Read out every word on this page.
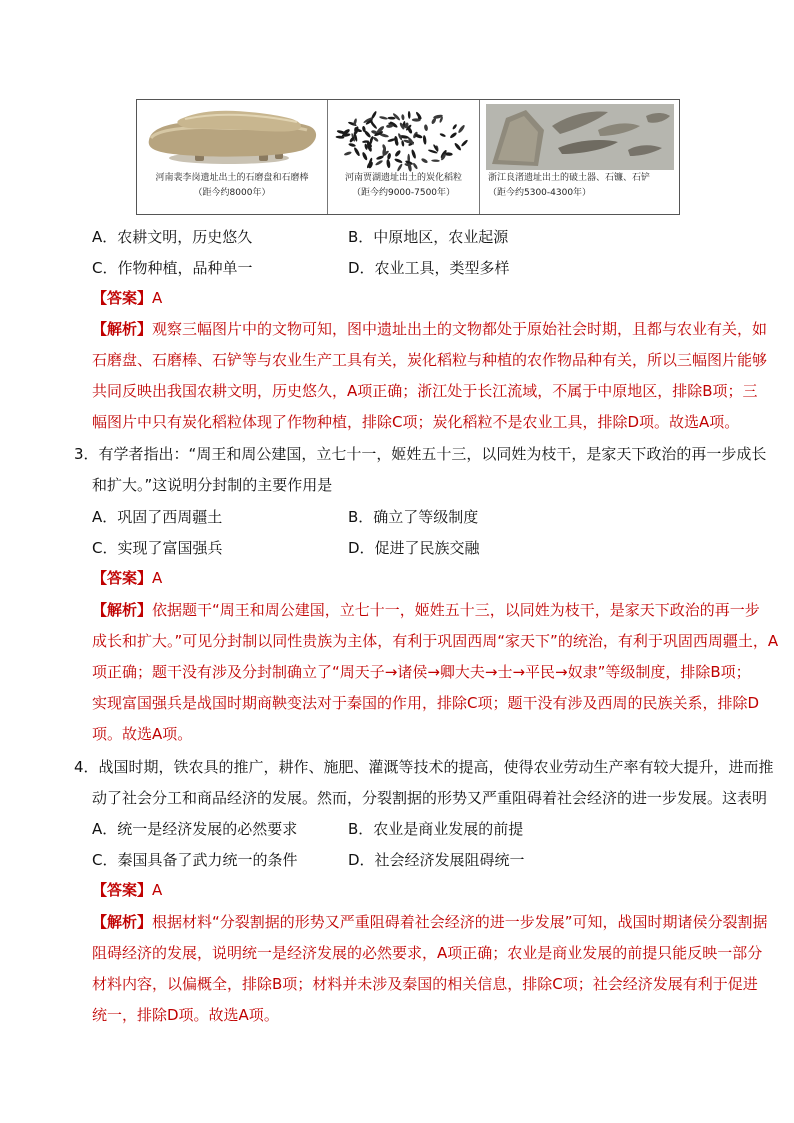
河南裴李岗遗址出土的石磨盘和石磨棒
（距今约8000年）
河南贾湖遗址出土的炭化稻粒
（距今约9000-7500年）
浙江良渚遗址出土的破土器、石镰、石铲
（距今约5300-4300年）
A．农耕文明，历史悠久	B．中原地区，农业起源
C．作物种植，品种单一	D．农业工具，类型多样
【答案】A
【解析】观察三幅图片中的文物可知，图中遗址出土的文物都处于原始社会时期，且都与农业有关，如
石磨盘、石磨棒、石铲等与农业生产工具有关，炭化稻粒与种植的农作物品种有关，所以三幅图片能够
共同反映出我国农耕文明，历史悠久，A项正确；浙江处于长江流域，不属于中原地区，排除B项；三
幅图片中只有炭化稻粒体现了作物种植，排除C项；炭化稻粒不是农业工具，排除D项。故选A项。
3．有学者指出：“周王和周公建国，立七十一，姬姓五十三，以同姓为枝干，是家天下政治的再一步成长
和扩大。”这说明分封制的主要作用是
A．巩固了西周疆土	B．确立了等级制度
C．实现了富国强兵	D．促进了民族交融
【答案】A
【解析】依据题干“周王和周公建国，立七十一，姬姓五十三，以同姓为枝干，是家天下政治的再一步
成长和扩大。”可见分封制以同性贵族为主体，有利于巩固西周“家天下”的统治，有利于巩固西周疆土，A
项正确；题干没有涉及分封制确立了“周天子→诸侯→卿大夫→士→平民→奴隶”等级制度，排除B项；
实现富国强兵是战国时期商鞅变法对于秦国的作用，排除C项；题干没有涉及西周的民族关系，排除D
项。故选A项。
4．战国时期，铁农具的推广，耕作、施肥、灌溉等技术的提高，使得农业劳动生产率有较大提升，进而推
动了社会分工和商品经济的发展。然而，分裂割据的形势又严重阻碍着社会经济的进一步发展。这表明
A．统一是经济发展的必然要求	B．农业是商业发展的前提
C．秦国具备了武力统一的条件	D．社会经济发展阻碍统一
【答案】A
【解析】根据材料“分裂割据的形势又严重阻碍着社会经济的进一步发展”可知，战国时期诸侯分裂割据
阻碍经济的发展，说明统一是经济发展的必然要求，A项正确；农业是商业发展的前提只能反映一部分
材料内容，以偏概全，排除B项；材料并未涉及秦国的相关信息，排除C项；社会经济发展有利于促进
统一，排除D项。故选A项。
